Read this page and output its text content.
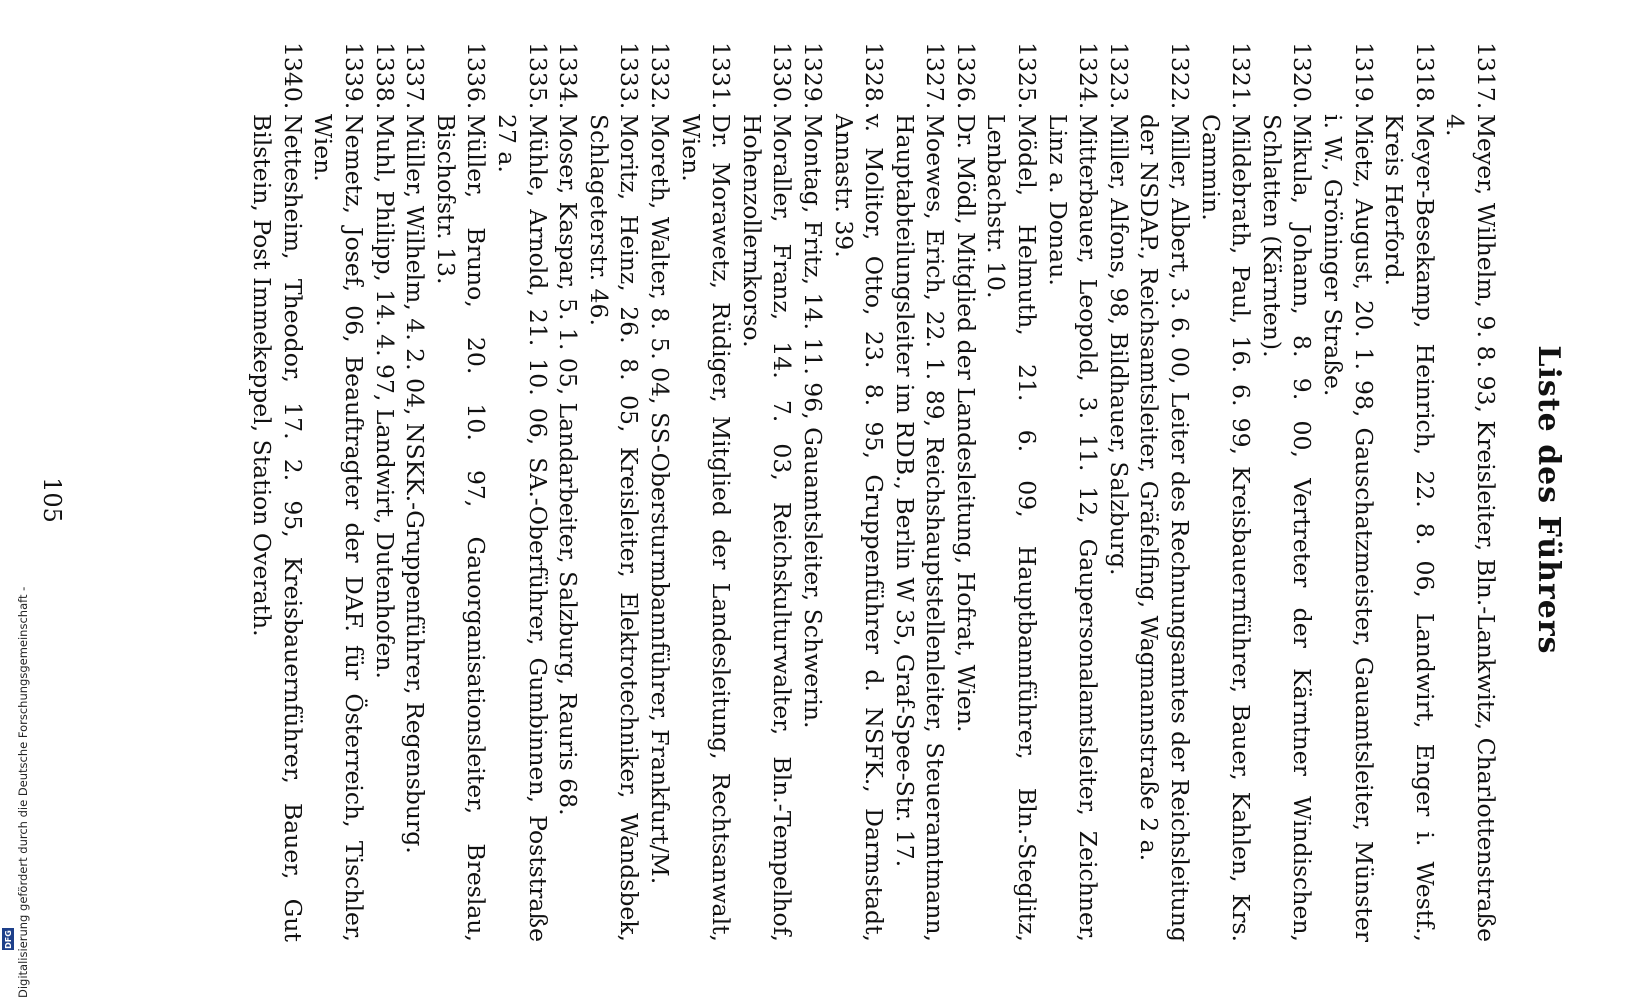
Liste des Führers
1317.
Meyer, Wilhelm, 9. 8. 93, Kreisleiter, Bln.-Lankwitz, Charlottenstraße 4.
1318.
Meyer-Besekamp, Heinrich, 22. 8. 06, Landwirt, Enger i. Westf., Kreis Herford.
1319.
Mietz, August, 20. 1. 98, Gauschatzmeister, Gauamtsleiter, Münster i. W., Gröninger Straße.
1320.
Mikula, Johann, 8. 9. 00, Vertreter der Kärntner Windischen, Schlatten (Kärnten).
1321.
Mildebrath, Paul, 16. 6. 99, Kreisbauernführer, Bauer, Kahlen, Krs. Cammin.
1322.
Miller, Albert, 3. 6. 00, Leiter des Rechnungsamtes der Reichsleitung der NSDAP., Reichsamtsleiter, Gräfelfing, Wagmannstraße 2 a.
1323.
Miller, Alfons, 98, Bildhauer, Salzburg.
1324.
Mitterbauer, Leopold, 3. 11. 12, Gaupersonalamtsleiter, Zeichner, Linz a. Donau.
1325.
Mödel, Helmuth, 21. 6. 09, Hauptbannführer, Bln.-Steglitz, Lenbachstr. 10.
1326.
Dr. Mödl, Mitglied der Landesleitung, Hofrat, Wien.
1327.
Moewes, Erich, 22. 1. 89, Reichshauptstellenleiter, Steueramtmann, Hauptabteilungsleiter im RDB., Berlin W 35, Graf-Spee-Str. 17.
1328.
v. Molitor, Otto, 23. 8. 95, Gruppenführer d. NSFK., Darmstadt, Annastr. 39.
1329.
Montag, Fritz, 14. 11. 96, Gauamtsleiter, Schwerin.
1330.
Moraller, Franz, 14. 7. 03, Reichskulturwalter, Bln.-Tempelhof, Hohenzollernkorso.
1331.
Dr. Morawetz, Rüdiger, Mitglied der Landesleitung, Rechtsanwalt, Wien.
1332.
Moreth, Walter, 8. 5. 04, SS-Obersturmbannführer, Frankfurt/M.
1333.
Moritz, Heinz, 26. 8. 05, Kreisleiter, Elektrotechniker, Wandsbek, Schlageterstr. 46.
1334.
Moser, Kaspar, 5. 1. 05, Landarbeiter, Salzburg, Rauris 68.
1335.
Mühle, Arnold, 21. 10. 06, SA.-Oberführer, Gumbinnen, Poststraße 27 a.
1336.
Müller, Bruno, 20. 10. 97, Gauorganisationsleiter, Breslau, Bischofstr. 13.
1337.
Müller, Wilhelm, 4. 2. 04, NSKK.-Gruppenführer, Regensburg.
1338.
Muhl, Philipp, 14. 4. 97, Landwirt, Dutenhofen.
1339.
Nemetz, Josef, 06, Beauftragter der DAF. für Österreich, Tischler, Wien.
1340.
Nettesheim, Theodor, 17. 2. 95, Kreisbauernführer, Bauer, Gut Bilstein, Post Immekeppel, Station Overath.
105
DFG Digitalisierung gefördert durch die Deutsche Forschungsgemeinschaft -
